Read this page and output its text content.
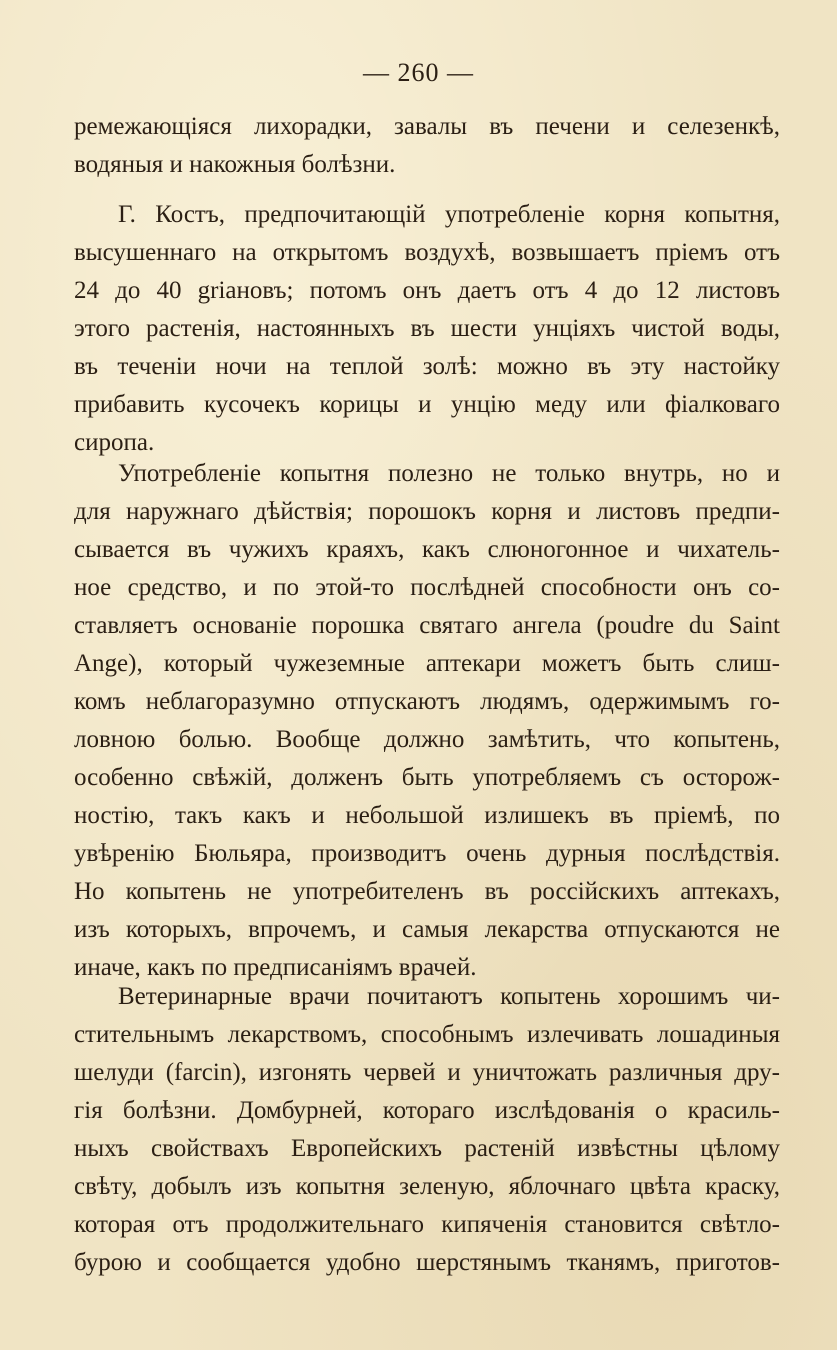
— 260 —
ремежающіяся лихорадки, завалы въ печени и селезенкѣ,
водяныя и накожныя болѣзни.
Г. Костъ, предпочитающій употребленіе корня копытня,
высушеннаго на открытомъ воздухѣ, возвышаетъ пріемъ отъ
24 до 40 griановъ; потомъ онъ даетъ отъ 4 до 12 листовъ
этого растенія, настоянныхъ въ шести унціяхъ чистой воды,
въ теченіи ночи на теплой золѣ: можно въ эту настойку
прибавить кусочекъ корицы и унцію меду или фіалковаго
сиропа.
Употребленіе копытня полезно не только внутрь, но и
для наружнаго дѣйствія; порошокъ корня и листовъ предпи-
сывается въ чужихъ краяхъ, какъ слюногонное и чихатель-
ное средство, и по этой-то послѣдней способности онъ со-
ставляетъ основаніе порошка святаго ангела (poudre du Saint
Ange), который чужеземные аптекари можетъ быть слиш-
комъ неблагоразумно отпускаютъ людямъ, одержимымъ го-
ловною болью. Вообще должно замѣтить, что копытень,
особенно свѣжій, долженъ быть употребляемъ съ осторож-
ностію, такъ какъ и небольшой излишекъ въ пріемѣ, по
увѣренію Бюльяра, производитъ очень дурныя послѣдствія.
Но копытень не употребителенъ въ россійскихъ аптекахъ,
изъ которыхъ, впрочемъ, и самыя лекарства отпускаются не
иначе, какъ по предписаніямъ врачей.
Ветеринарные врачи почитаютъ копытень хорошимъ чи-
стительнымъ лекарствомъ, способнымъ излечивать лошадиныя
шелуди (farcin), изгонять червей и уничтожать различныя дру-
гія болѣзни. Домбурней, котораго изслѣдованія о красиль-
ныхъ свойствахъ Европейскихъ растеній извѣстны цѣлому
свѣту, добылъ изъ копытня зеленую, яблочнаго цвѣта краску,
которая отъ продолжительнаго кипяченія становится свѣтло-
бурою и сообщается удобно шерстянымъ тканямъ, приготов-
